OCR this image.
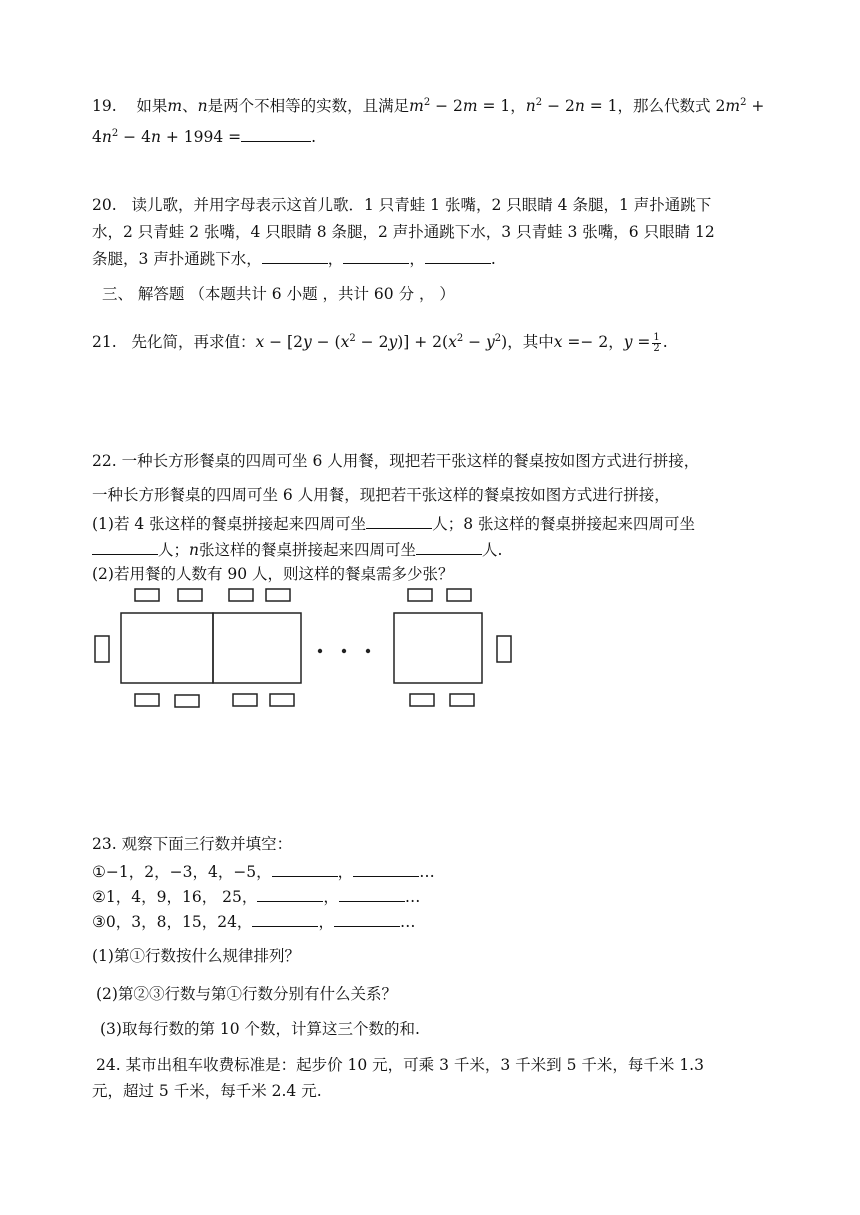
19. 如果m、n是两个不相等的实数，且满足$m^2 - 2m = 1$，$n^2 - 2n = 1$，那么代数式 $2m^2$ +
$4n^2 - 4n + 1994$ =	.
20. 读儿歌，并用字母表示这首儿歌．1 只青蛙 1 张嘴，2 只眼睛 4 条腿，1 声扑通跳下
水，2 只青蛙 2 张嘴，4 只眼睛 8 条腿，2 声扑通跳下水，3 只青蛙 3 张嘴，6 只眼睛 12
条腿，3 声扑通跳下水，	，	，	.
三、 解答题 （本题共计 6 小题 ，共计 60 分 ， ）
21. 先化简，再求值：$x - [2y - (x^2 - 2y)] + 2(x^2 - y^2)$，其中x =− 2，$y = \frac{1}{2}$ .
22. 一种长方形餐桌的四周可坐 6 人用餐，现把若干张这样的餐桌按如图方式进行拼接，
一种长方形餐桌的四周可坐 6 人用餐，现把若干张这样的餐桌按如图方式进行拼接，
(1)若 4 张这样的餐桌拼接起来四周可坐	人；8 张这样的餐桌拼接起来四周可坐
人；n张这样的餐桌拼接起来四周可坐	人.
(2)若用餐的人数有 90 人，则这样的餐桌需多少张？
23. 观察下面三行数并填空：
①−1，2，−3，4，−5，	，	…
②1，4，9，16， 25，	，	…
③0，3，8，15，24，	，	…
(1)第①行数按什么规律排列？
(2)第②③行数与第①行数分别有什么关系？
(3)取每行数的第 10 个数，计算这三个数的和.
24. 某市出租车收费标准是：起步价 10 元，可乘 3 千米，3 千米到 5 千米，每千米 1.3
元，超过 5 千米，每千米 2.4 元.
